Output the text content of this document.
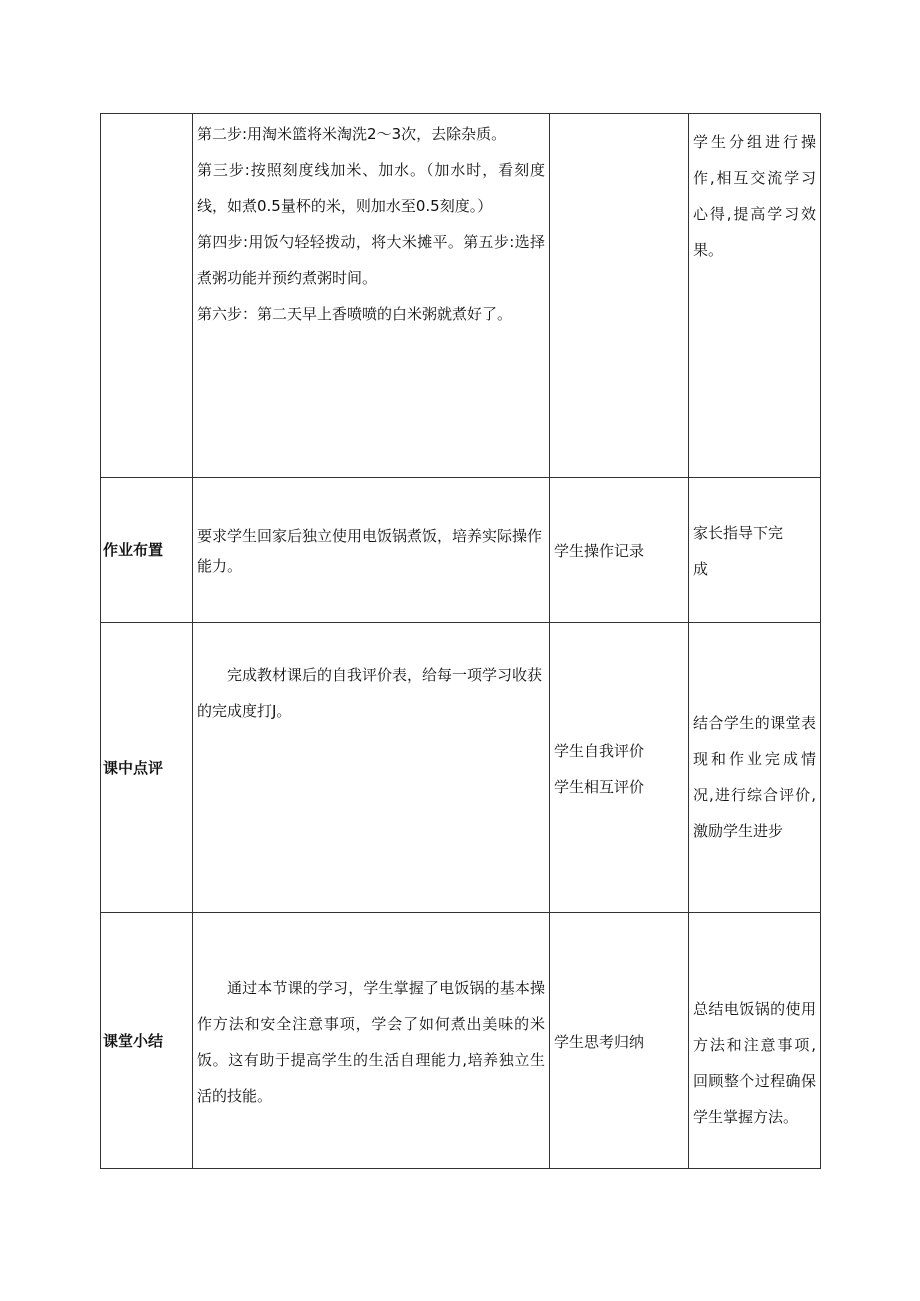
	第二步:用淘米篮将米淘洗2～3次，去除杂质。

第三步:按照刻度线加米、加水。（加水时，看刻度线，如煮0.5量杯的米，则加水至0.5刻度。）

第四步:用饭勺轻轻拨动，将大米摊平。第五步:选择煮粥功能并预约煮粥时间。

第六步：第二天早上香喷喷的白米粥就煮好了。		学生分组进行操作,相互交流学习心得,提高学习效果。

作业布置	要求学生回家后独立使用电饭锅煮饭，培养实际操作能力。	学生操作记录	家长指导下完

成

课中点评	完成教材课后的自我评价表，给每一项学习收获的完成度打J。	学生自我评价

学生相互评价	结合学生的课堂表现和作业完成情况,进行综合评价,激励学生进步

课堂小结	通过本节课的学习，学生掌握了电饭锅的基本操作方法和安全注意事项，学会了如何煮出美味的米饭。这有助于提高学生的生活自理能力,培养独立生活的技能。	学生思考归纳	总结电饭锅的使用方法和注意事项,回顾整个过程确保学生掌握方法。
